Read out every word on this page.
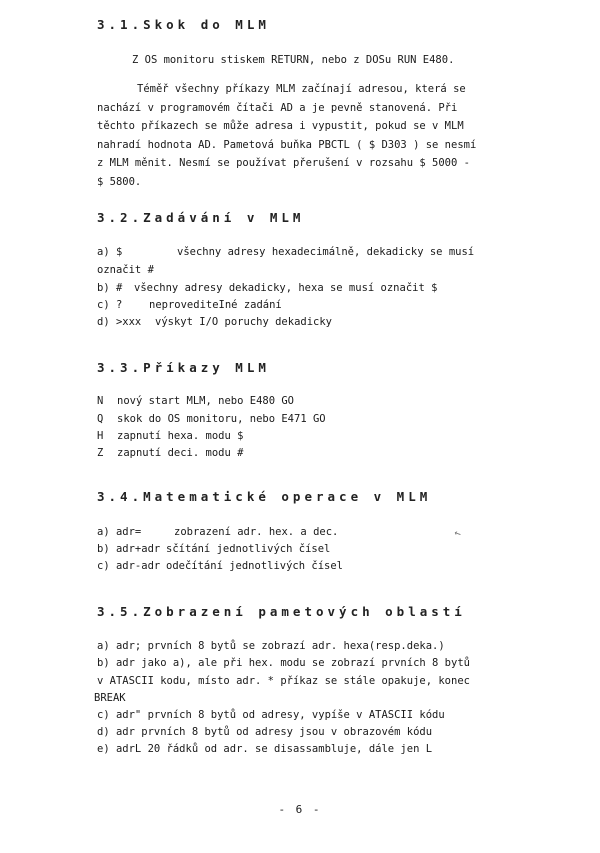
3.1.Skok do MLM
Z OS monitoru stiskem RETURN, nebo z DOSu RUN E480.
Téměř všechny příkazy MLM začínají adresou, která se
nachází v programovém čítači AD a je pevně stanovená. Při
těchto příkazech se může adresa i vypustit, pokud se v MLM
nahradí hodnota AD. Pametová buňka PBCTL ( $ D303 ) se nesmí
z MLM měnit. Nesmí se používat přerušení v rozsahu $ 5000 -
$ 5800.
3.2.Zadávání v MLM
a) $	všechny adresy hexadecimálně, dekadicky se musí
označit #
b) # všechny adresy dekadicky, hexa se musí označit $
c) ?	neprovediteIné zadání
d) >xxx výskyt I/O poruchy dekadicky
3.3.Příkazy MLM
N nový start MLM, nebo E480 GO
Q skok do OS monitoru, nebo E471 GO
H zapnutí hexa. modu $
Z zapnutí deci. modu #
3.4.Matematické operace v MLM
a) adr=	zobrazení adr. hex. a dec.
b) adr+adr sčítání jednotlivých čísel
c) adr-adr odečítání jednotlivých čísel
↖
3.5.Zobrazení pametových oblastí
a) adr; prvních 8 bytů se zobrazí adr. hexa(resp.deka.)
b) adr jako a), ale při hex. modu se zobrazí prvních 8 bytů
v ATASCII kodu, místo adr. * příkaz se stále opakuje, konec
BREAK
c) adr" prvních 8 bytů od adresy, vypíše v ATASCII kódu
d) adr prvních 8 bytů od adresy jsou v obrazovém kódu
e) adrL 20 řádků od adr. se disassambluje, dále jen L
- 6 -
